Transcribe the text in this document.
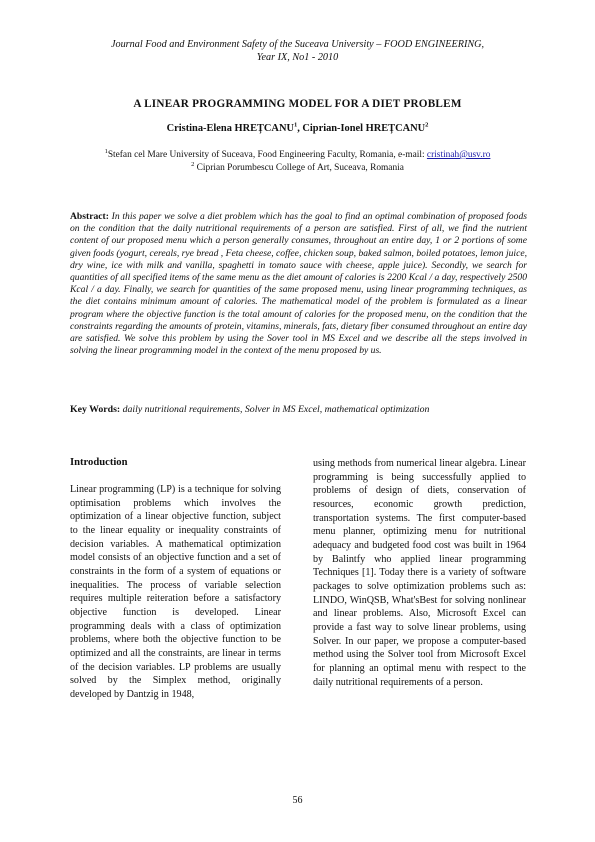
Journal Food and Environment Safety of the Suceava University – FOOD ENGINEERING,
Year IX, No1 - 2010
A LINEAR PROGRAMMING MODEL FOR A DIET PROBLEM
Cristina-Elena HREȚCANU$^1$, Ciprian-Ionel HREȚCANU$^2$
$^1$Stefan cel Mare University of Suceava, Food Engineering Faculty, Romania, e-mail: cristinah@usv.ro
$^2$ Ciprian Porumbescu College of Art, Suceava, Romania
Abstract: In this paper we solve a diet problem which has the goal to find an optimal combination of proposed foods on the condition that the daily nutritional requirements of a person are satisfied. First of all, we find the nutrient content of our proposed menu which a person generally consumes, throughout an entire day, 1 or 2 portions of some given foods (yogurt, cereals, rye bread , Feta cheese, coffee, chicken soup, baked salmon, boiled potatoes, lemon juice, dry wine, ice with milk and vanilla, spaghetti in tomato sauce with cheese, apple juice). Secondly, we search for quantities of all specified items of the same menu as the diet amount of calories is 2200 Kcal / a day, respectively 2500 Kcal / a day. Finally, we search for quantities of the same proposed menu, using linear programming techniques, as the diet contains minimum amount of calories. The mathematical model of the problem is formulated as a linear program where the objective function is the total amount of calories for the proposed menu, on the condition that the constraints regarding the amounts of protein, vitamins, minerals, fats, dietary fiber consumed throughout an entire day are satisfied. We solve this problem by using the Sover tool in MS Excel and we describe all the steps involved in solving the linear programming model in the context of the menu proposed by us.
Key Words: daily nutritional requirements, Solver in MS Excel, mathematical optimization
Introduction

Linear programming (LP) is a technique for solving optimisation problems which involves the optimization of a linear objective function, subject to the linear equality or inequality constraints of decision variables. A mathematical optimization model consists of an objective function and a set of constraints in the form of a system of equations or inequalities. The process of variable selection requires multiple reiteration before a satisfactory objective function is developed. Linear programming deals with a class of optimization problems, where both the objective function to be optimized and all the constraints, are linear in terms of the decision variables. LP problems are usually solved by the Simplex method, originally developed by Dantzig in 1948,

using methods from numerical linear algebra. Linear programming is being successfully applied to problems of design of diets, conservation of resources, economic growth prediction, transportation systems. The first computer-based menu planner, optimizing menu for nutritional adequacy and budgeted food cost was built in 1964 by Balintfy who applied linear programming Techniques [1]. Today there is a variety of software packages to solve optimization problems such as: LINDO, WinQSB, What'sBest for solving nonlinear and linear problems. Also, Microsoft Excel can provide a fast way to solve linear problems, using Solver. In our paper, we propose a computer-based method using the Solver tool from Microsoft Excel for planning an optimal menu with respect to the daily nutritional requirements of a person.

56
